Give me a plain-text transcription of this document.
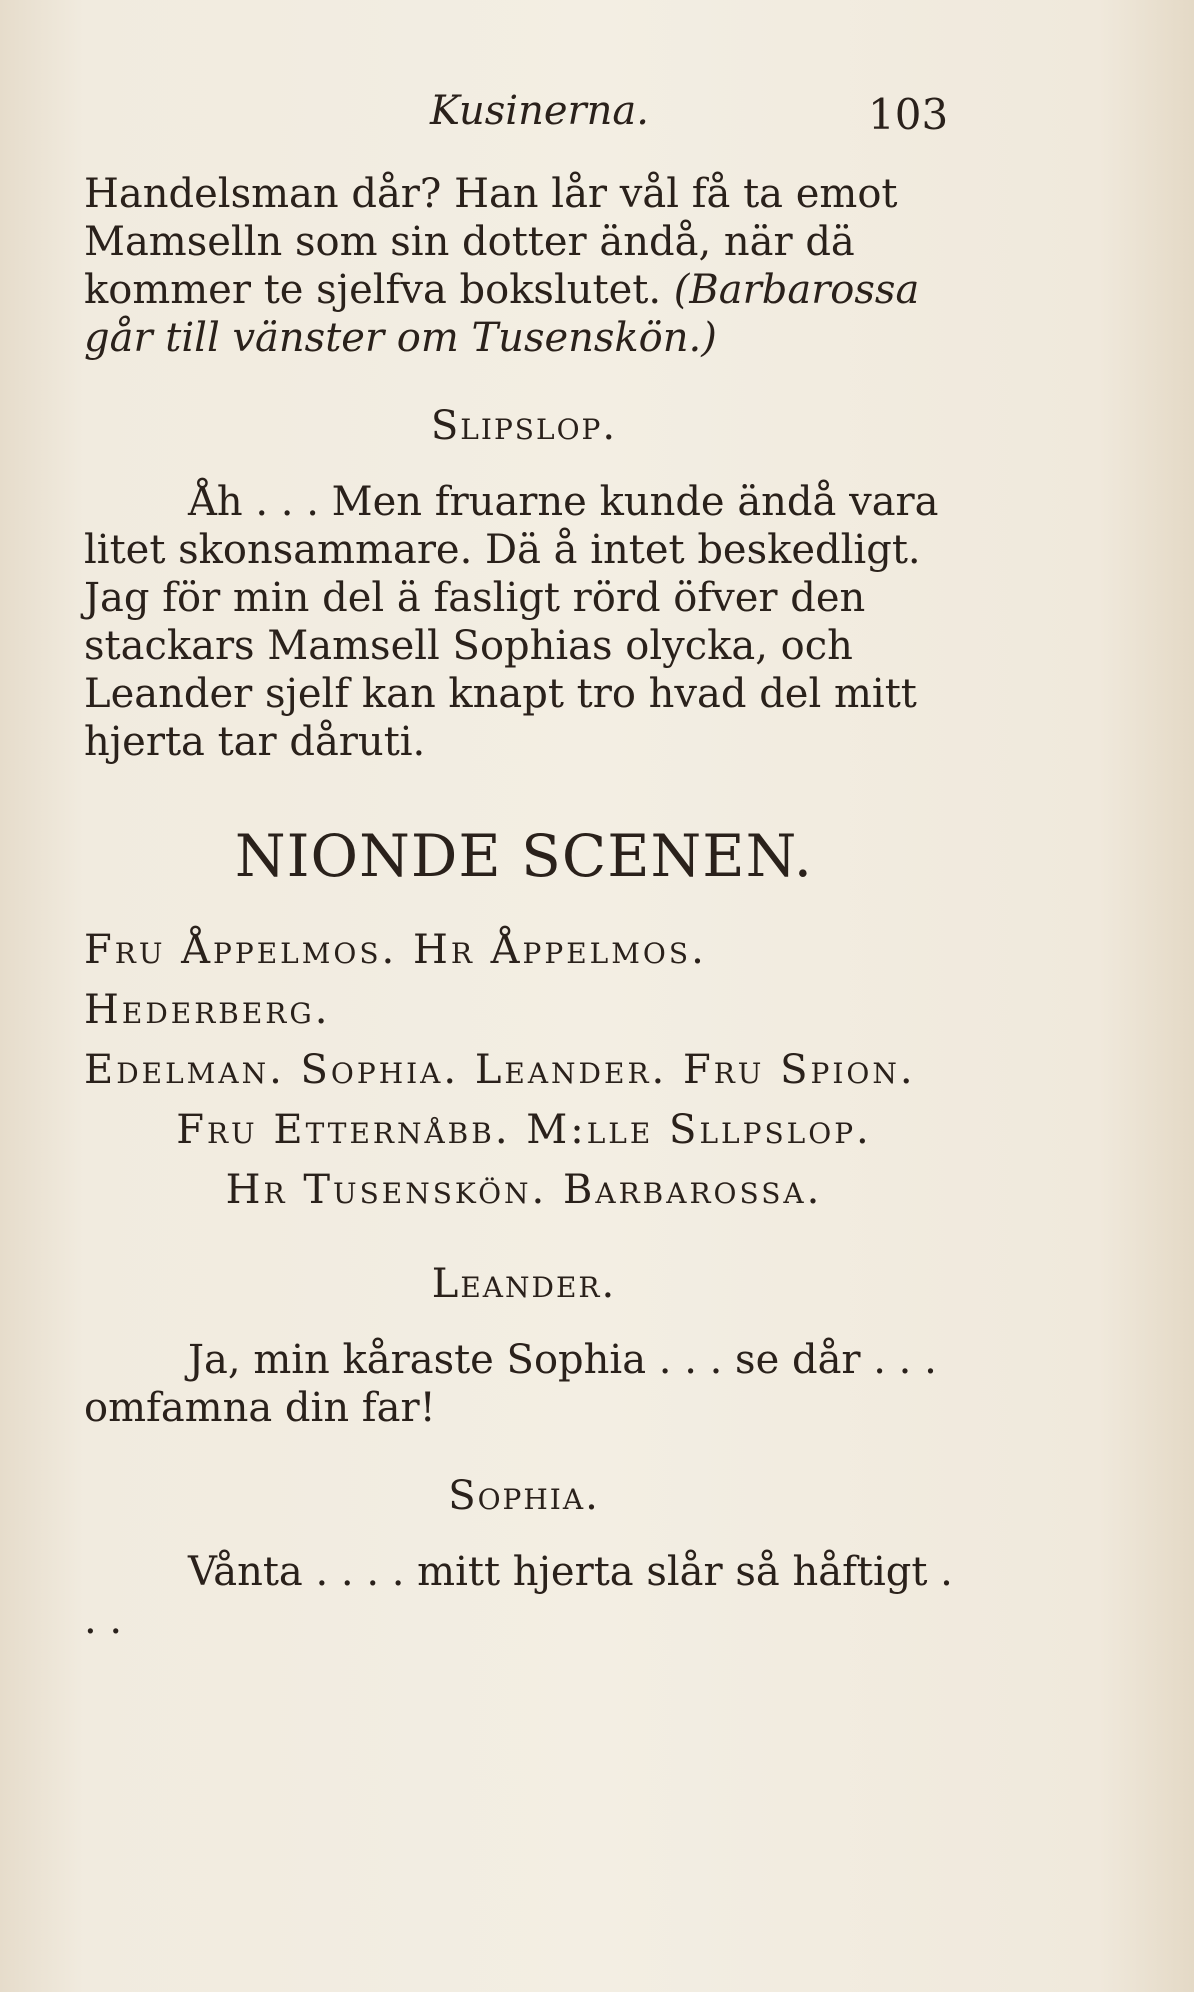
Kusinerna.	103

Handelsman dår? Han lår vål få ta emot Mamselln som sin dotter ändå, när dä kommer te sjelfva bokslutet. (Barbarossa går till vänster om Tusenskön.)

Slipslop.

Åh . . . Men fruarne kunde ändå vara litet skonsammare. Dä å intet beskedligt. Jag för min del ä fasligt rörd öfver den stackars Mamsell Sophias olycka, och Leander sjelf kan knapt tro hvad del mitt hjerta tar dåruti.

NIONDE SCENEN.
Fru Åppelmos. Hr Åppelmos. Hederberg.
Edelman. Sophia. Leander. Fru Spion.
Fru Etternåbb. M:lle Sllpslop.
Hr Tusenskön. Barbarossa.
Leander.

Ja, min kåraste Sophia . . . se dår . . . omfamna din far!

Sophia.

Vånta . . . . mitt hjerta slår så håftigt . . .
